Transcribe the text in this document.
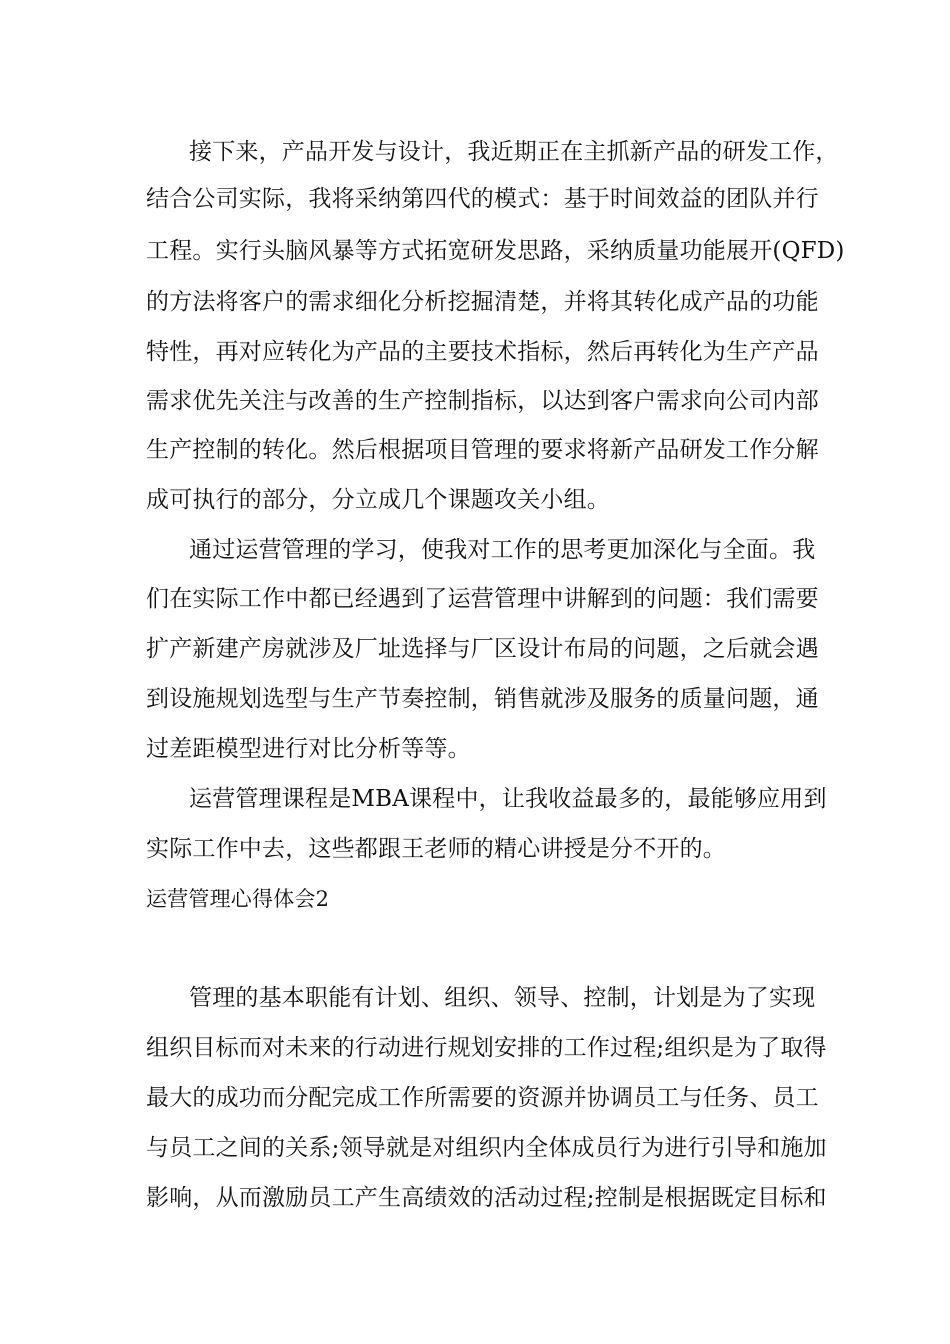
接下来，产品开发与设计，我近期正在主抓新产品的研发工作，
结合公司实际，我将采纳第四代的模式：基于时间效益的团队并行
工程。实行头脑风暴等方式拓宽研发思路，采纳质量功能展开(QFD)
的方法将客户的需求细化分析挖掘清楚，并将其转化成产品的功能
特性，再对应转化为产品的主要技术指标，然后再转化为生产产品
需求优先关注与改善的生产控制指标，以达到客户需求向公司内部
生产控制的转化。然后根据项目管理的要求将新产品研发工作分解
成可执行的部分，分立成几个课题攻关小组。
通过运营管理的学习，使我对工作的思考更加深化与全面。我
们在实际工作中都已经遇到了运营管理中讲解到的问题：我们需要
扩产新建产房就涉及厂址选择与厂区设计布局的问题，之后就会遇
到设施规划选型与生产节奏控制，销售就涉及服务的质量问题，通
过差距模型进行对比分析等等。
运营管理课程是MBA课程中，让我收益最多的，最能够应用到
实际工作中去，这些都跟王老师的精心讲授是分不开的。
运营管理心得体会2
管理的基本职能有计划、组织、领导、控制，计划是为了实现
组织目标而对未来的行动进行规划安排的工作过程;组织是为了取得
最大的成功而分配完成工作所需要的资源并协调员工与任务、员工
与员工之间的关系;领导就是对组织内全体成员行为进行引导和施加
影响，从而激励员工产生高绩效的活动过程;控制是根据既定目标和
